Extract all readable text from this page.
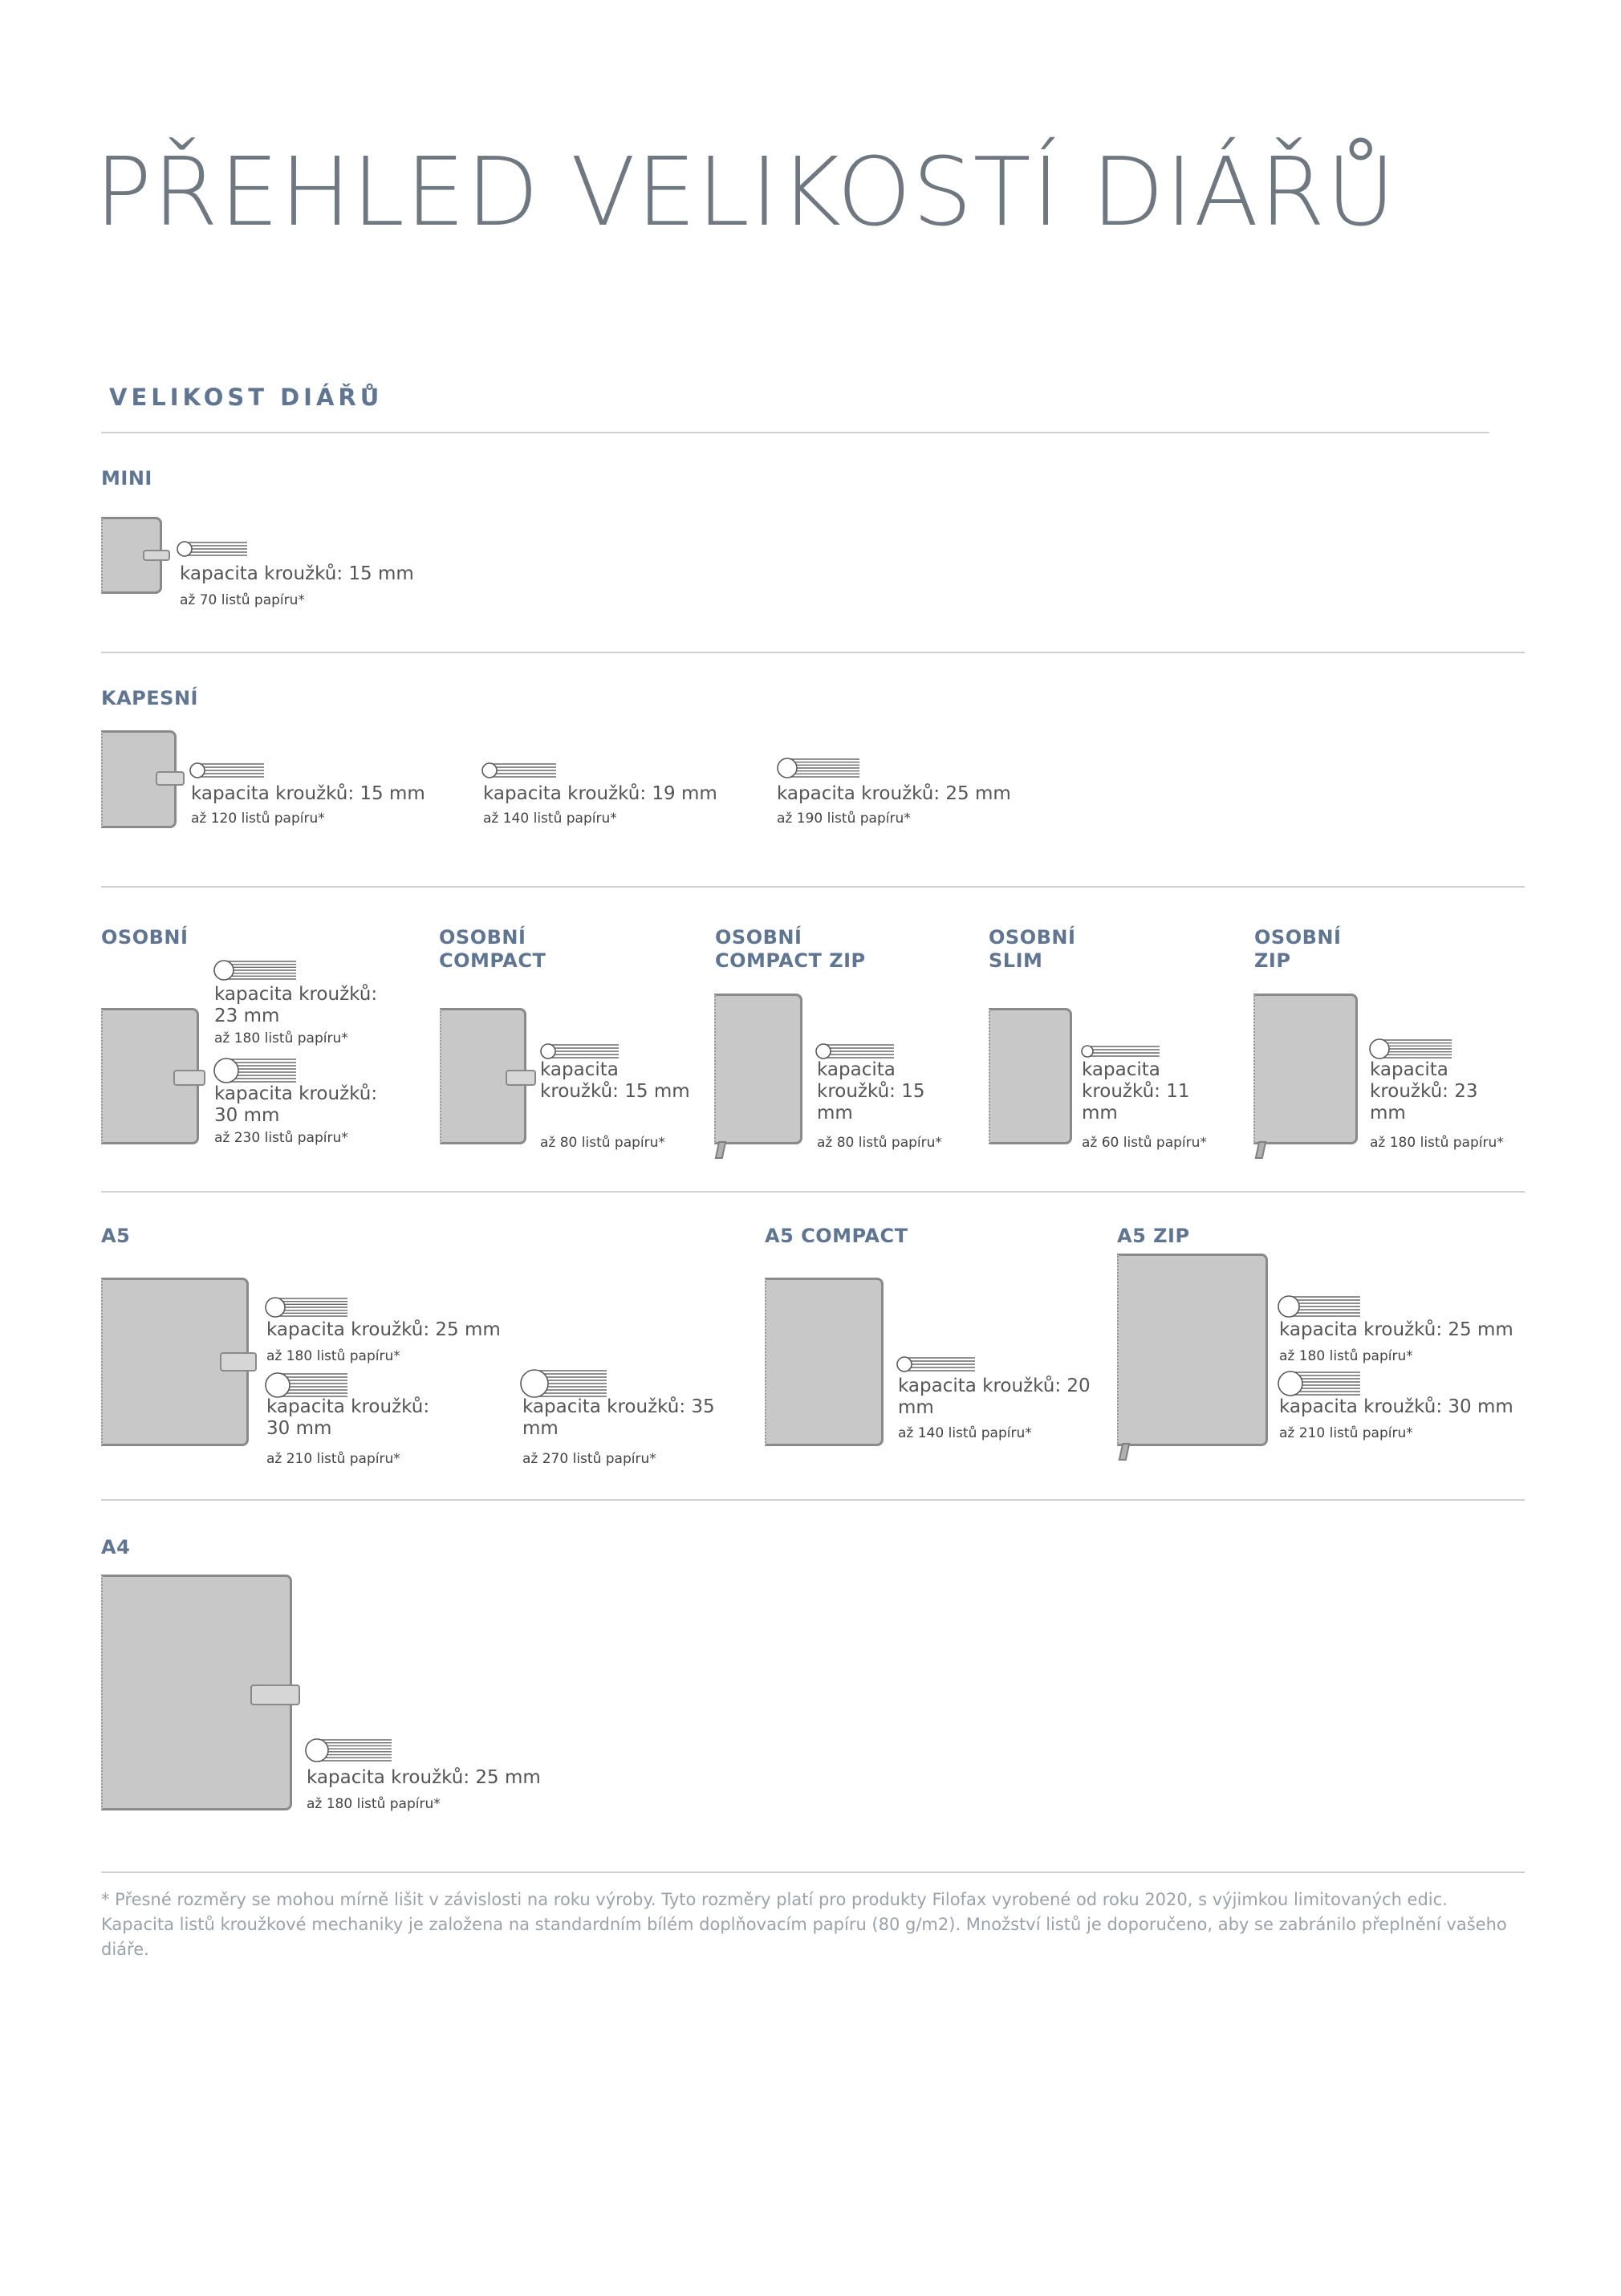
PŘEHLED VELIKOSTÍ DIÁŘŮ
VELIKOST DIÁŘŮ
MINI

kapacita kroužků: 15 mm

až 70 listů papíru*

KAPESNÍ

kapacita kroužků: 15 mm

až 120 listů papíru*

kapacita kroužků: 19 mm

až 140 listů papíru*

kapacita kroužků: 25 mm

až 190 listů papíru*

OSOBNÍ

kapacita kroužků: 23 mm

až 180 listů papíru*

kapacita kroužků: 30 mm

až 230 listů papíru*

OSOBNÍ
COMPACT

kapacita kroužků: 15 mm

až 80 listů papíru*

OSOBNÍ
COMPACT ZIP

kapacita kroužků: 15 mm

až 80 listů papíru*

OSOBNÍ
SLIM

kapacita kroužků: 11 mm

až 60 listů papíru*

OSOBNÍ
ZIP

kapacita kroužků: 23 mm

až 180 listů papíru*

A5

kapacita kroužků: 25 mm

až 180 listů papíru*

kapacita kroužků: 30 mm

až 210 listů papíru*

kapacita kroužků: 35 mm

až 270 listů papíru*

A5 COMPACT

kapacita kroužků: 20 mm

až 140 listů papíru*

A5 ZIP

kapacita kroužků: 25 mm

až 180 listů papíru*

kapacita kroužků: 30 mm

až 210 listů papíru*

A4

kapacita kroužků: 25 mm

až 180 listů papíru*

* Přesné rozměry se mohou mírně lišit v závislosti na roku výroby. Tyto rozměry platí pro produkty Filofax vyrobené od roku 2020, s výjimkou limitovaných edic. Kapacita listů kroužkové mechaniky je založena na standardním bílém doplňovacím papíru (80 g/m2). Množství listů je doporučeno, aby se zabránilo přeplnění vašeho diáře.
